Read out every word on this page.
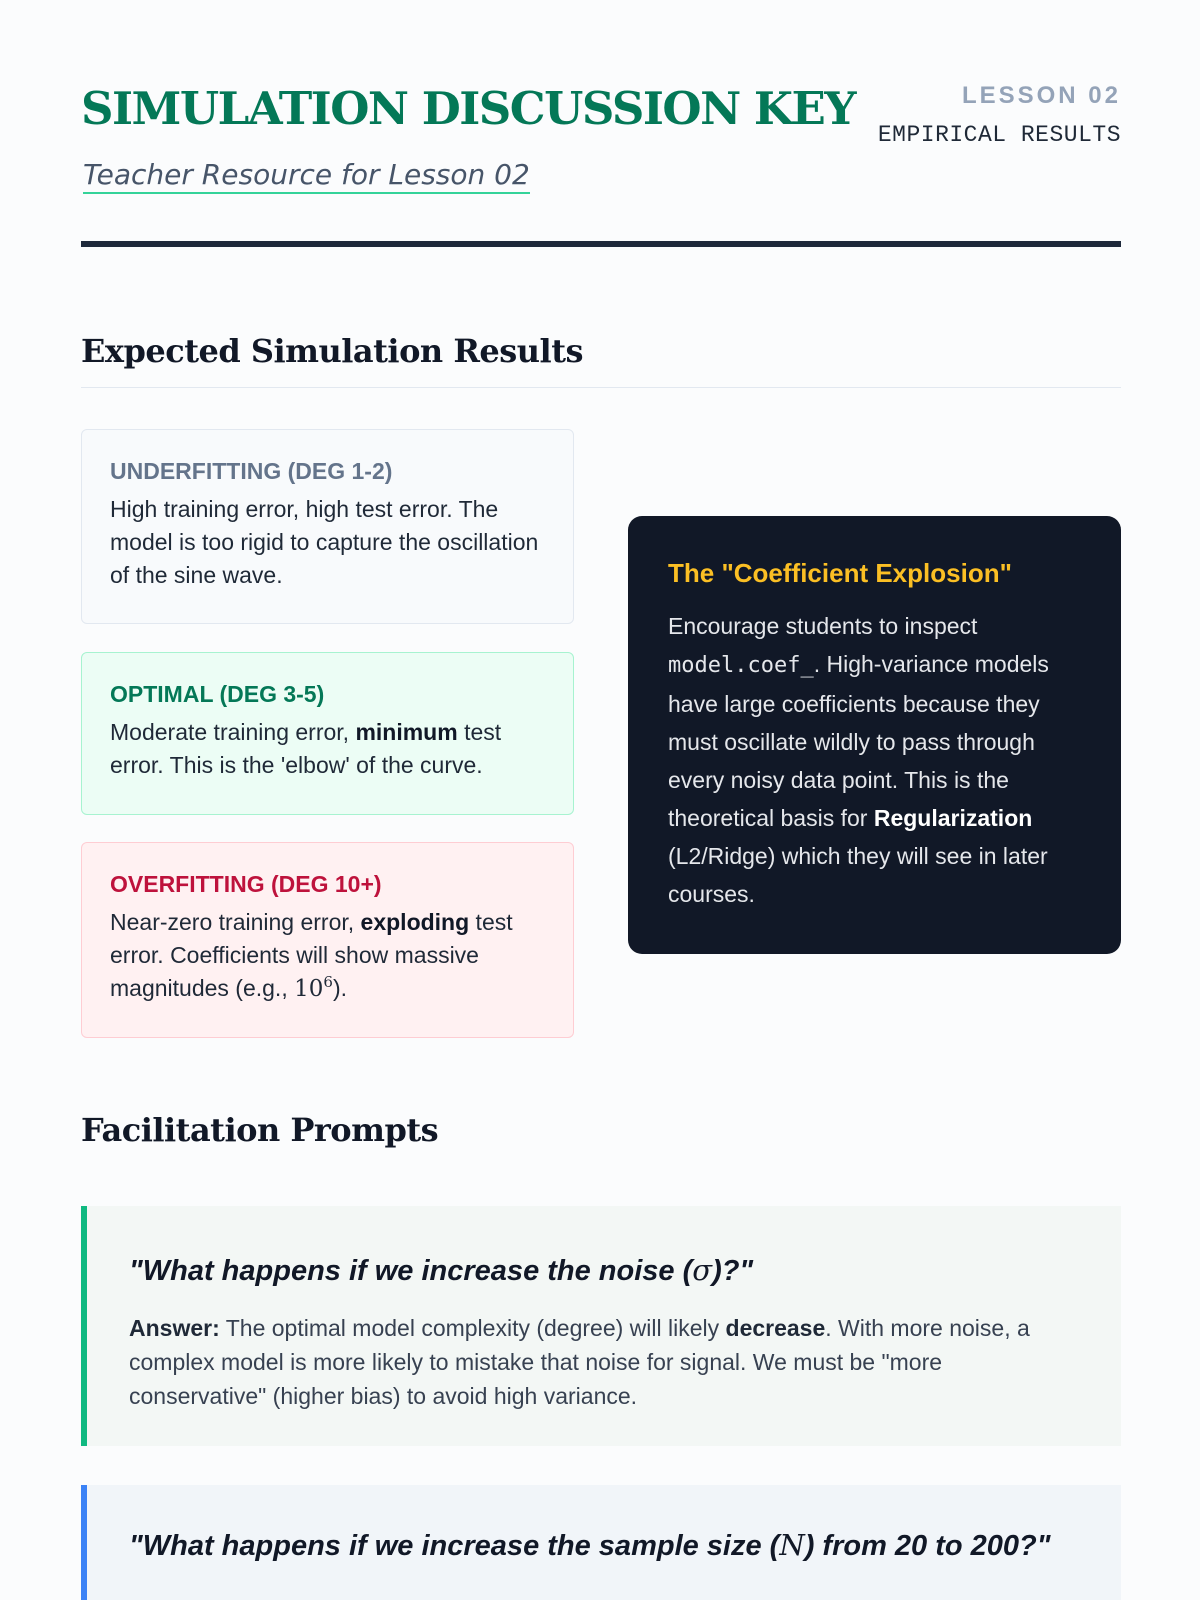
SIMULATION DISCUSSION KEY
Teacher Resource for Lesson 02
LESSON 02
EMPIRICAL RESULTS
Expected Simulation Results
UNDERFITTING (DEG 1-2)
High training error, high test error. The model is too rigid to capture the oscillation of the sine wave.
OPTIMAL (DEG 3-5)
Moderate training error, minimum test error. This is the 'elbow' of the curve.
OVERFITTING (DEG 10+)
Near-zero training error, exploding test error. Coefficients will show massive magnitudes (e.g., $10^6$).
The "Coefficient Explosion"
Encourage students to inspect model.coef_. High-variance models have large coefficients because they must oscillate wildly to pass through every noisy data point. This is the theoretical basis for Regularization (L2/Ridge) which they will see in later courses.
Facilitation Prompts
"What happens if we increase the noise (σ)?"
Answer: The optimal model complexity (degree) will likely decrease. With more noise, a complex model is more likely to mistake that noise for signal. We must be "more conservative" (higher bias) to avoid high variance.
"What happens if we increase the sample size (N) from 20 to 200?"
